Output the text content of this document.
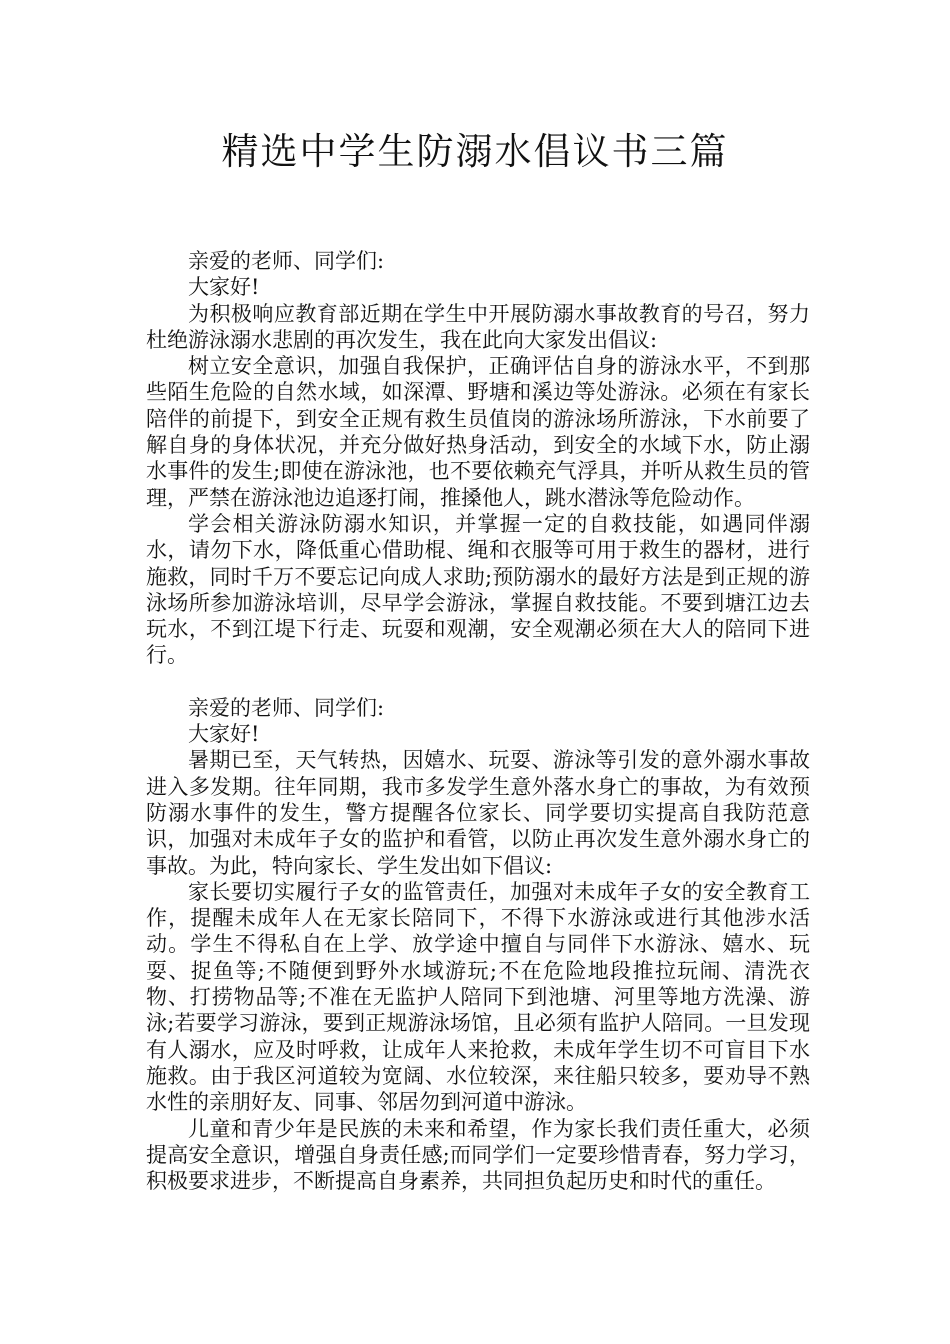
精选中学生防溺水倡议书三篇

亲爱的老师、同学们:

大家好!

为积极响应教育部近期在学生中开展防溺水事故教育的号召，努力杜绝游泳溺水悲剧的再次发生，我在此向大家发出倡议:

树立安全意识，加强自我保护，正确评估自身的游泳水平，不到那些陌生危险的自然水域，如深潭、野塘和溪边等处游泳。必须在有家长陪伴的前提下，到安全正规有救生员值岗的游泳场所游泳，下水前要了解自身的身体状况，并充分做好热身活动，到安全的水域下水，防止溺水事件的发生;即使在游泳池，也不要依赖充气浮具，并听从救生员的管理，严禁在游泳池边追逐打闹，推搡他人，跳水潜泳等危险动作。

学会相关游泳防溺水知识，并掌握一定的自救技能，如遇同伴溺水，请勿下水，降低重心借助棍、绳和衣服等可用于救生的器材，进行施救，同时千万不要忘记向成人求助;预防溺水的最好方法是到正规的游泳场所参加游泳培训，尽早学会游泳，掌握自救技能。不要到塘江边去玩水，不到江堤下行走、玩耍和观潮，安全观潮必须在大人的陪同下进行。

亲爱的老师、同学们:

大家好!

暑期已至，天气转热，因嬉水、玩耍、游泳等引发的意外溺水事故进入多发期。往年同期，我市多发学生意外落水身亡的事故，为有效预防溺水事件的发生，警方提醒各位家长、同学要切实提高自我防范意识，加强对未成年子女的监护和看管，以防止再次发生意外溺水身亡的事故。为此，特向家长、学生发出如下倡议:

家长要切实履行子女的监管责任，加强对未成年子女的安全教育工作，提醒未成年人在无家长陪同下，不得下水游泳或进行其他涉水活动。学生不得私自在上学、放学途中擅自与同伴下水游泳、嬉水、玩耍、捉鱼等;不随便到野外水域游玩;不在危险地段推拉玩闹、清洗衣物、打捞物品等;不准在无监护人陪同下到池塘、河里等地方洗澡、游泳;若要学习游泳，要到正规游泳场馆，且必须有监护人陪同。一旦发现有人溺水，应及时呼救，让成年人来抢救，未成年学生切不可盲目下水施救。由于我区河道较为宽阔、水位较深，来往船只较多，要劝导不熟水性的亲朋好友、同事、邻居勿到河道中游泳。

儿童和青少年是民族的未来和希望，作为家长我们责任重大，必须提高安全意识，增强自身责任感;而同学们一定要珍惜青春，努力学习，积极要求进步，不断提高自身素养，共同担负起历史和时代的重任。
